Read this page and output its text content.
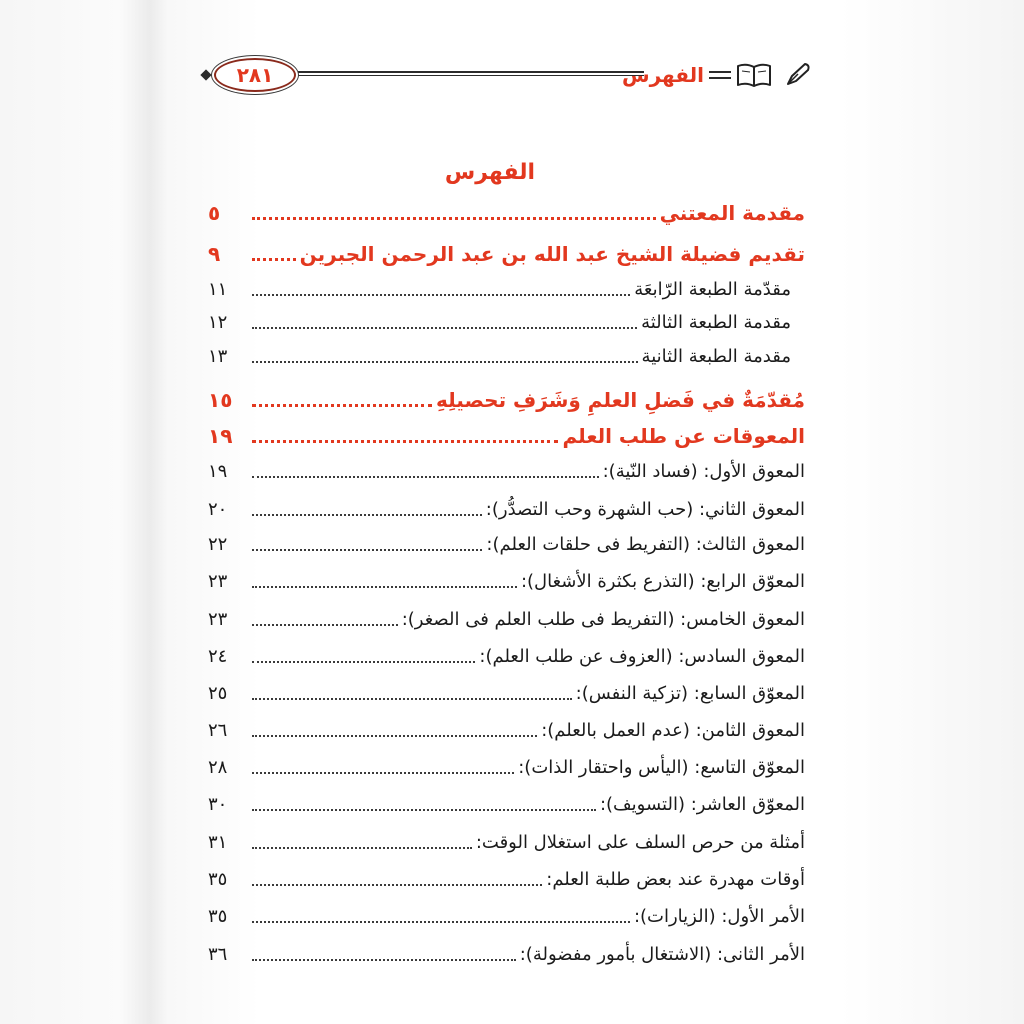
الفهرس
٢٨١
الفهرس
مقدمة المعتني
٥
تقديم فضيلة الشيخ عبد الله بن عبد الرحمن الجبرين
٩
مقدّمة الطبعة الرّابعَة
١١
مقدمة الطبعة الثالثة
١٢
مقدمة الطبعة الثانية
١٣
مُقدّمَةٌ في فَضلِ العلمِ وَشَرَفِ تحصيلِهِ
١٥
المعوقات عن طلب العلم
١٩
المعوق الأول: (فساد النّية):
١٩
المعوق الثاني: (حب الشهرة وحب التصدُّر):
٢٠
المعوق الثالث: (التفريط فى حلقات العلم):
٢٢
المعوّق الرابع: (التذرع بكثرة الأشغال):
٢٣
المعوق الخامس: (التفريط فى طلب العلم فى الصغر):
٢٣
المعوق السادس: (العزوف عن طلب العلم):
٢٤
المعوّق السابع: (تزكية النفس):
٢٥
المعوق الثامن: (عدم العمل بالعلم):
٢٦
المعوّق التاسع: (اليأس واحتقار الذات):
٢٨
المعوّق العاشر: (التسويف):
٣٠
أمثلة من حرص السلف على استغلال الوقت:
٣١
أوقات مهدرة عند بعض طلبة العلم:
٣٥
الأمر الأول: (الزيارات):
٣٥
الأمر الثانى: (الاشتغال بأمور مفضولة):
٣٦
